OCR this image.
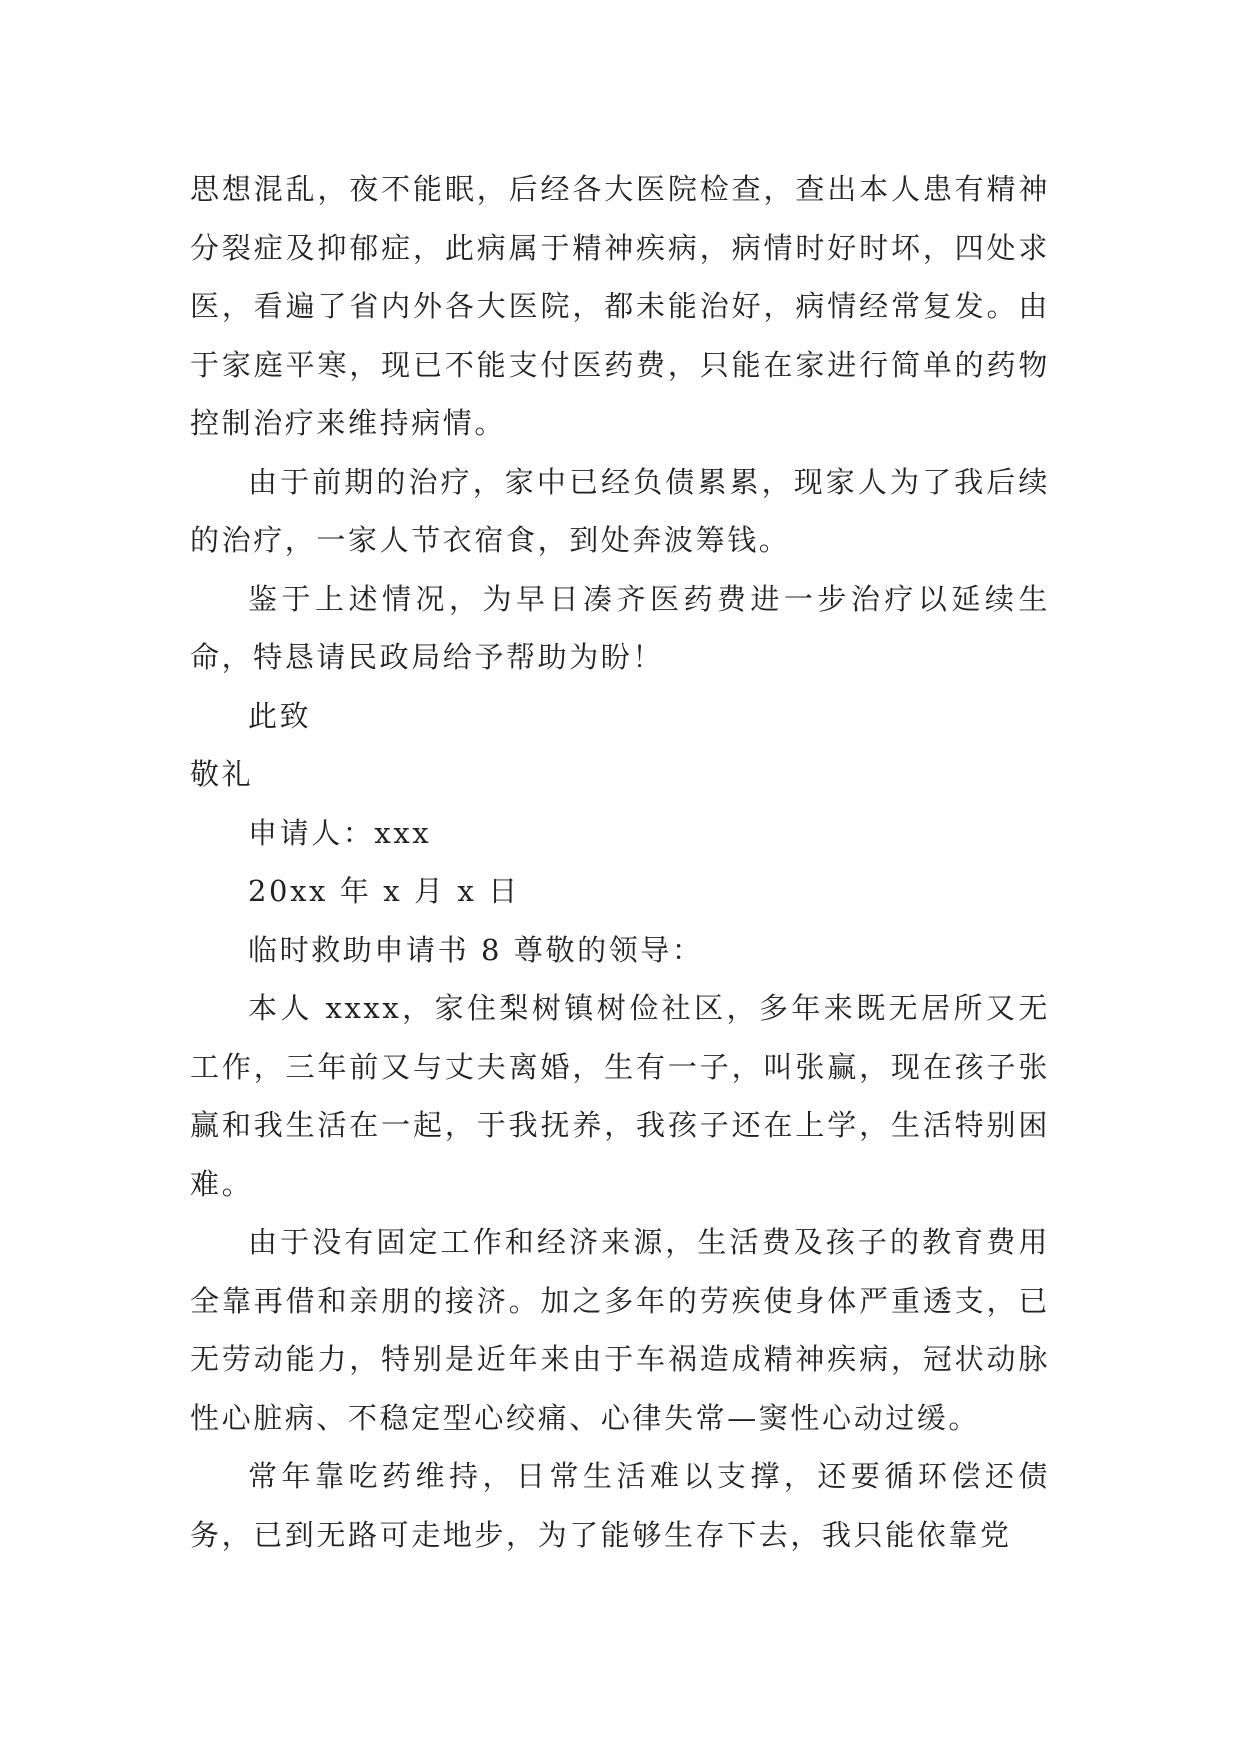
思想混乱，夜不能眠，后经各大医院检查，查出本人患有精神分裂症及抑郁症，此病属于精神疾病，病情时好时坏，四处求医，看遍了省内外各大医院，都未能治好，病情经常复发。由于家庭平寒，现已不能支付医药费，只能在家进行简单的药物控制治疗来维持病情。

由于前期的治疗，家中已经负债累累，现家人为了我后续的治疗，一家人节衣宿食，到处奔波筹钱。

鉴于上述情况，为早日凑齐医药费进一步治疗以延续生命，特恳请民政局给予帮助为盼！

此致

敬礼

申请人：xxx

20xx 年 x 月 x 日

临时救助申请书 8 尊敬的领导：

本人 xxxx，家住梨树镇树俭社区，多年来既无居所又无工作，三年前又与丈夫离婚，生有一子，叫张赢，现在孩子张赢和我生活在一起，于我抚养，我孩子还在上学，生活特别困难。

由于没有固定工作和经济来源，生活费及孩子的教育费用全靠再借和亲朋的接济。加之多年的劳疾使身体严重透支，已无劳动能力，特别是近年来由于车祸造成精神疾病，冠状动脉性心脏病、不稳定型心绞痛、心律失常—窦性心动过缓。

常年靠吃药维持，日常生活难以支撑，还要循环偿还债务，已到无路可走地步，为了能够生存下去，我只能依靠党
